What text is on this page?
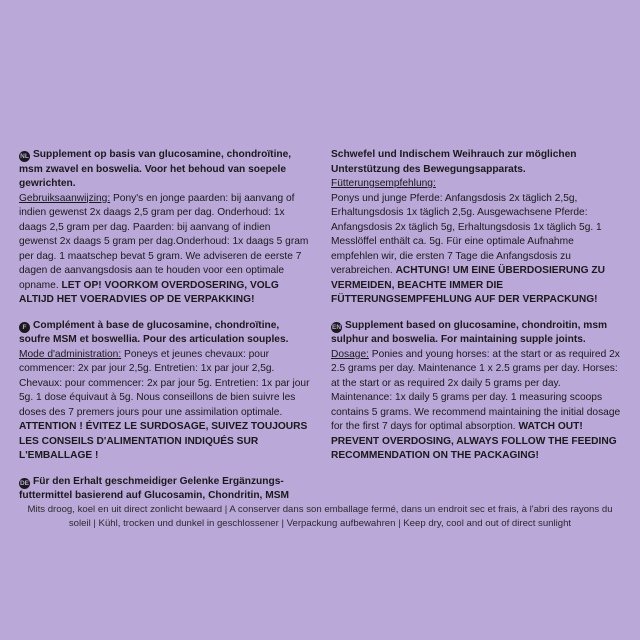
NL Supplement op basis van glucosamine, chondroïtine, msm zwavel en boswelia. Voor het behoud van soepele gewrichten.
Gebruiksaanwijzing: Pony's en jonge paarden: bij aanvang of indien gewenst 2x daags 2,5 gram per dag. Onderhoud: 1x daags 2,5 gram per dag. Paarden: bij aanvang of indien gewenst 2x daags 5 gram per dag.Onderhoud: 1x daags 5 gram per dag. 1 maatschep bevat 5 gram. We adviseren de eerste 7 dagen de aanvangsdosis aan te houden voor een optimale opname. LET OP! VOORKOM OVERDOSERING, VOLG ALTIJD HET VOERADVIES OP DE VERPAKKING!
F Complément à base de glucosamine, chondroïtine, soufre MSM et boswellia. Pour des articulation souples.
Mode d'administration: Poneys et jeunes chevaux: pour commencer: 2x par jour 2,5g. Entretien: 1x par jour 2,5g. Chevaux: pour commencer: 2x par jour 5g. Entretien: 1x par jour 5g. 1 dose équivaut à 5g. Nous conseillons de bien suivre les doses des 7 premers jours pour une assimilation optimale. ATTENTION ! ÉVITEZ LE SURDOSAGE, SUIVEZ TOUJOURS LES CONSEILS D'ALIMENTATION INDIQUÉS SUR L'EMBALLAGE !
DE Für den Erhalt geschmeidiger Gelenke Ergänzungs-futtermittel basierend auf Glucosamin, Chondritin, MSM
Schwefel und Indischem Weihrauch zur möglichen Unterstützung des Bewegungsapparats. Fütterungsempfehlung:
Ponys und junge Pferde: Anfangsdosis 2x täglich 2,5g, Erhaltungsdosis 1x täglich 2,5g. Ausgewachsene Pferde: Anfangsdosis 2x täglich 5g, Erhaltungsdosis 1x täglich 5g. 1 Messlöffel enthält ca. 5g. Für eine optimale Aufnahme empfehlen wir, die ersten 7 Tage die Anfangsdosis zu verabreichen. ACHTUNG! UM EINE ÜBERDOSIERUNG ZU VERMEIDEN, BEACHTE IMMER DIE FÜTTERUNGSEMPFEHLUNG AUF DER VERPACKUNG!
EN Supplement based on glucosamine, chondroitin, msm sulphur and boswelia. For maintaining supple joints.
Dosage: Ponies and young horses: at the start or as required 2x 2.5 grams per day. Maintenance 1 x 2.5 grams per day. Horses: at the start or as required 2x daily 5 grams per day. Maintenance: 1x daily 5 grams per day. 1 measuring scoops contains 5 grams. We recommend maintaining the initial dosage for the first 7 days for optimal absorption. WATCH OUT! PREVENT OVERDOSING, ALWAYS FOLLOW THE FEEDING RECOMMENDATION ON THE PACKAGING!
Mits droog, koel en uit direct zonlicht bewaard | A conserver dans son emballage fermé, dans un endroit sec et frais, à l'abri des rayons du soleil | Kühl, trocken und dunkel in geschlossener | Verpackung aufbewahren | Keep dry, cool and out of direct sunlight
